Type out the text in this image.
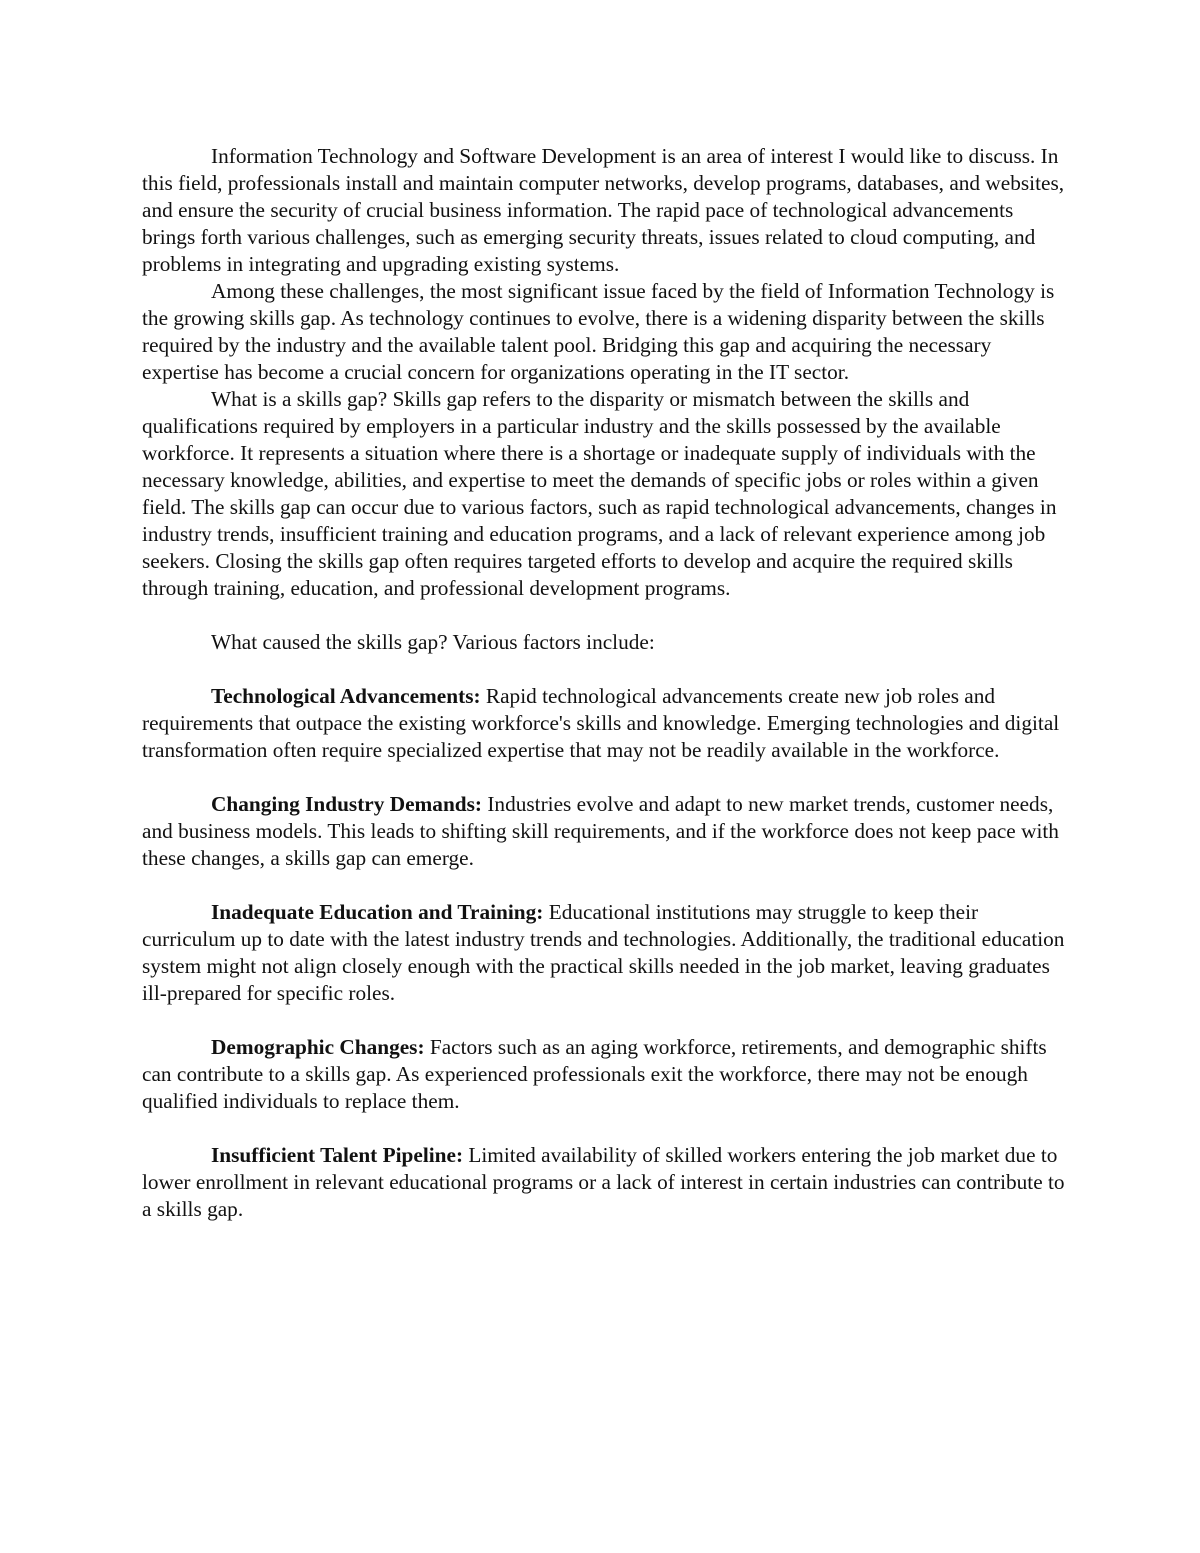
Information Technology and Software Development is an area of interest I would like to discuss. In this field, professionals install and maintain computer networks, develop programs, databases, and websites, and ensure the security of crucial business information. The rapid pace of technological advancements brings forth various challenges, such as emerging security threats, issues related to cloud computing, and problems in integrating and upgrading existing systems.

Among these challenges, the most significant issue faced by the field of Information Technology is the growing skills gap. As technology continues to evolve, there is a widening disparity between the skills required by the industry and the available talent pool. Bridging this gap and acquiring the necessary expertise has become a crucial concern for organizations operating in the IT sector.

What is a skills gap? Skills gap refers to the disparity or mismatch between the skills and qualifications required by employers in a particular industry and the skills possessed by the available workforce. It represents a situation where there is a shortage or inadequate supply of individuals with the necessary knowledge, abilities, and expertise to meet the demands of specific jobs or roles within a given field. The skills gap can occur due to various factors, such as rapid technological advancements, changes in industry trends, insufficient training and education programs, and a lack of relevant experience among job seekers. Closing the skills gap often requires targeted efforts to develop and acquire the required skills through training, education, and professional development programs.

What caused the skills gap? Various factors include:

Technological Advancements: Rapid technological advancements create new job roles and requirements that outpace the existing workforce's skills and knowledge. Emerging technologies and digital transformation often require specialized expertise that may not be readily available in the workforce.

Changing Industry Demands: Industries evolve and adapt to new market trends, customer needs, and business models. This leads to shifting skill requirements, and if the workforce does not keep pace with these changes, a skills gap can emerge.

Inadequate Education and Training: Educational institutions may struggle to keep their curriculum up to date with the latest industry trends and technologies. Additionally, the traditional education system might not align closely enough with the practical skills needed in the job market, leaving graduates ill-prepared for specific roles.

Demographic Changes: Factors such as an aging workforce, retirements, and demographic shifts can contribute to a skills gap. As experienced professionals exit the workforce, there may not be enough qualified individuals to replace them.

Insufficient Talent Pipeline: Limited availability of skilled workers entering the job market due to lower enrollment in relevant educational programs or a lack of interest in certain industries can contribute to a skills gap.
